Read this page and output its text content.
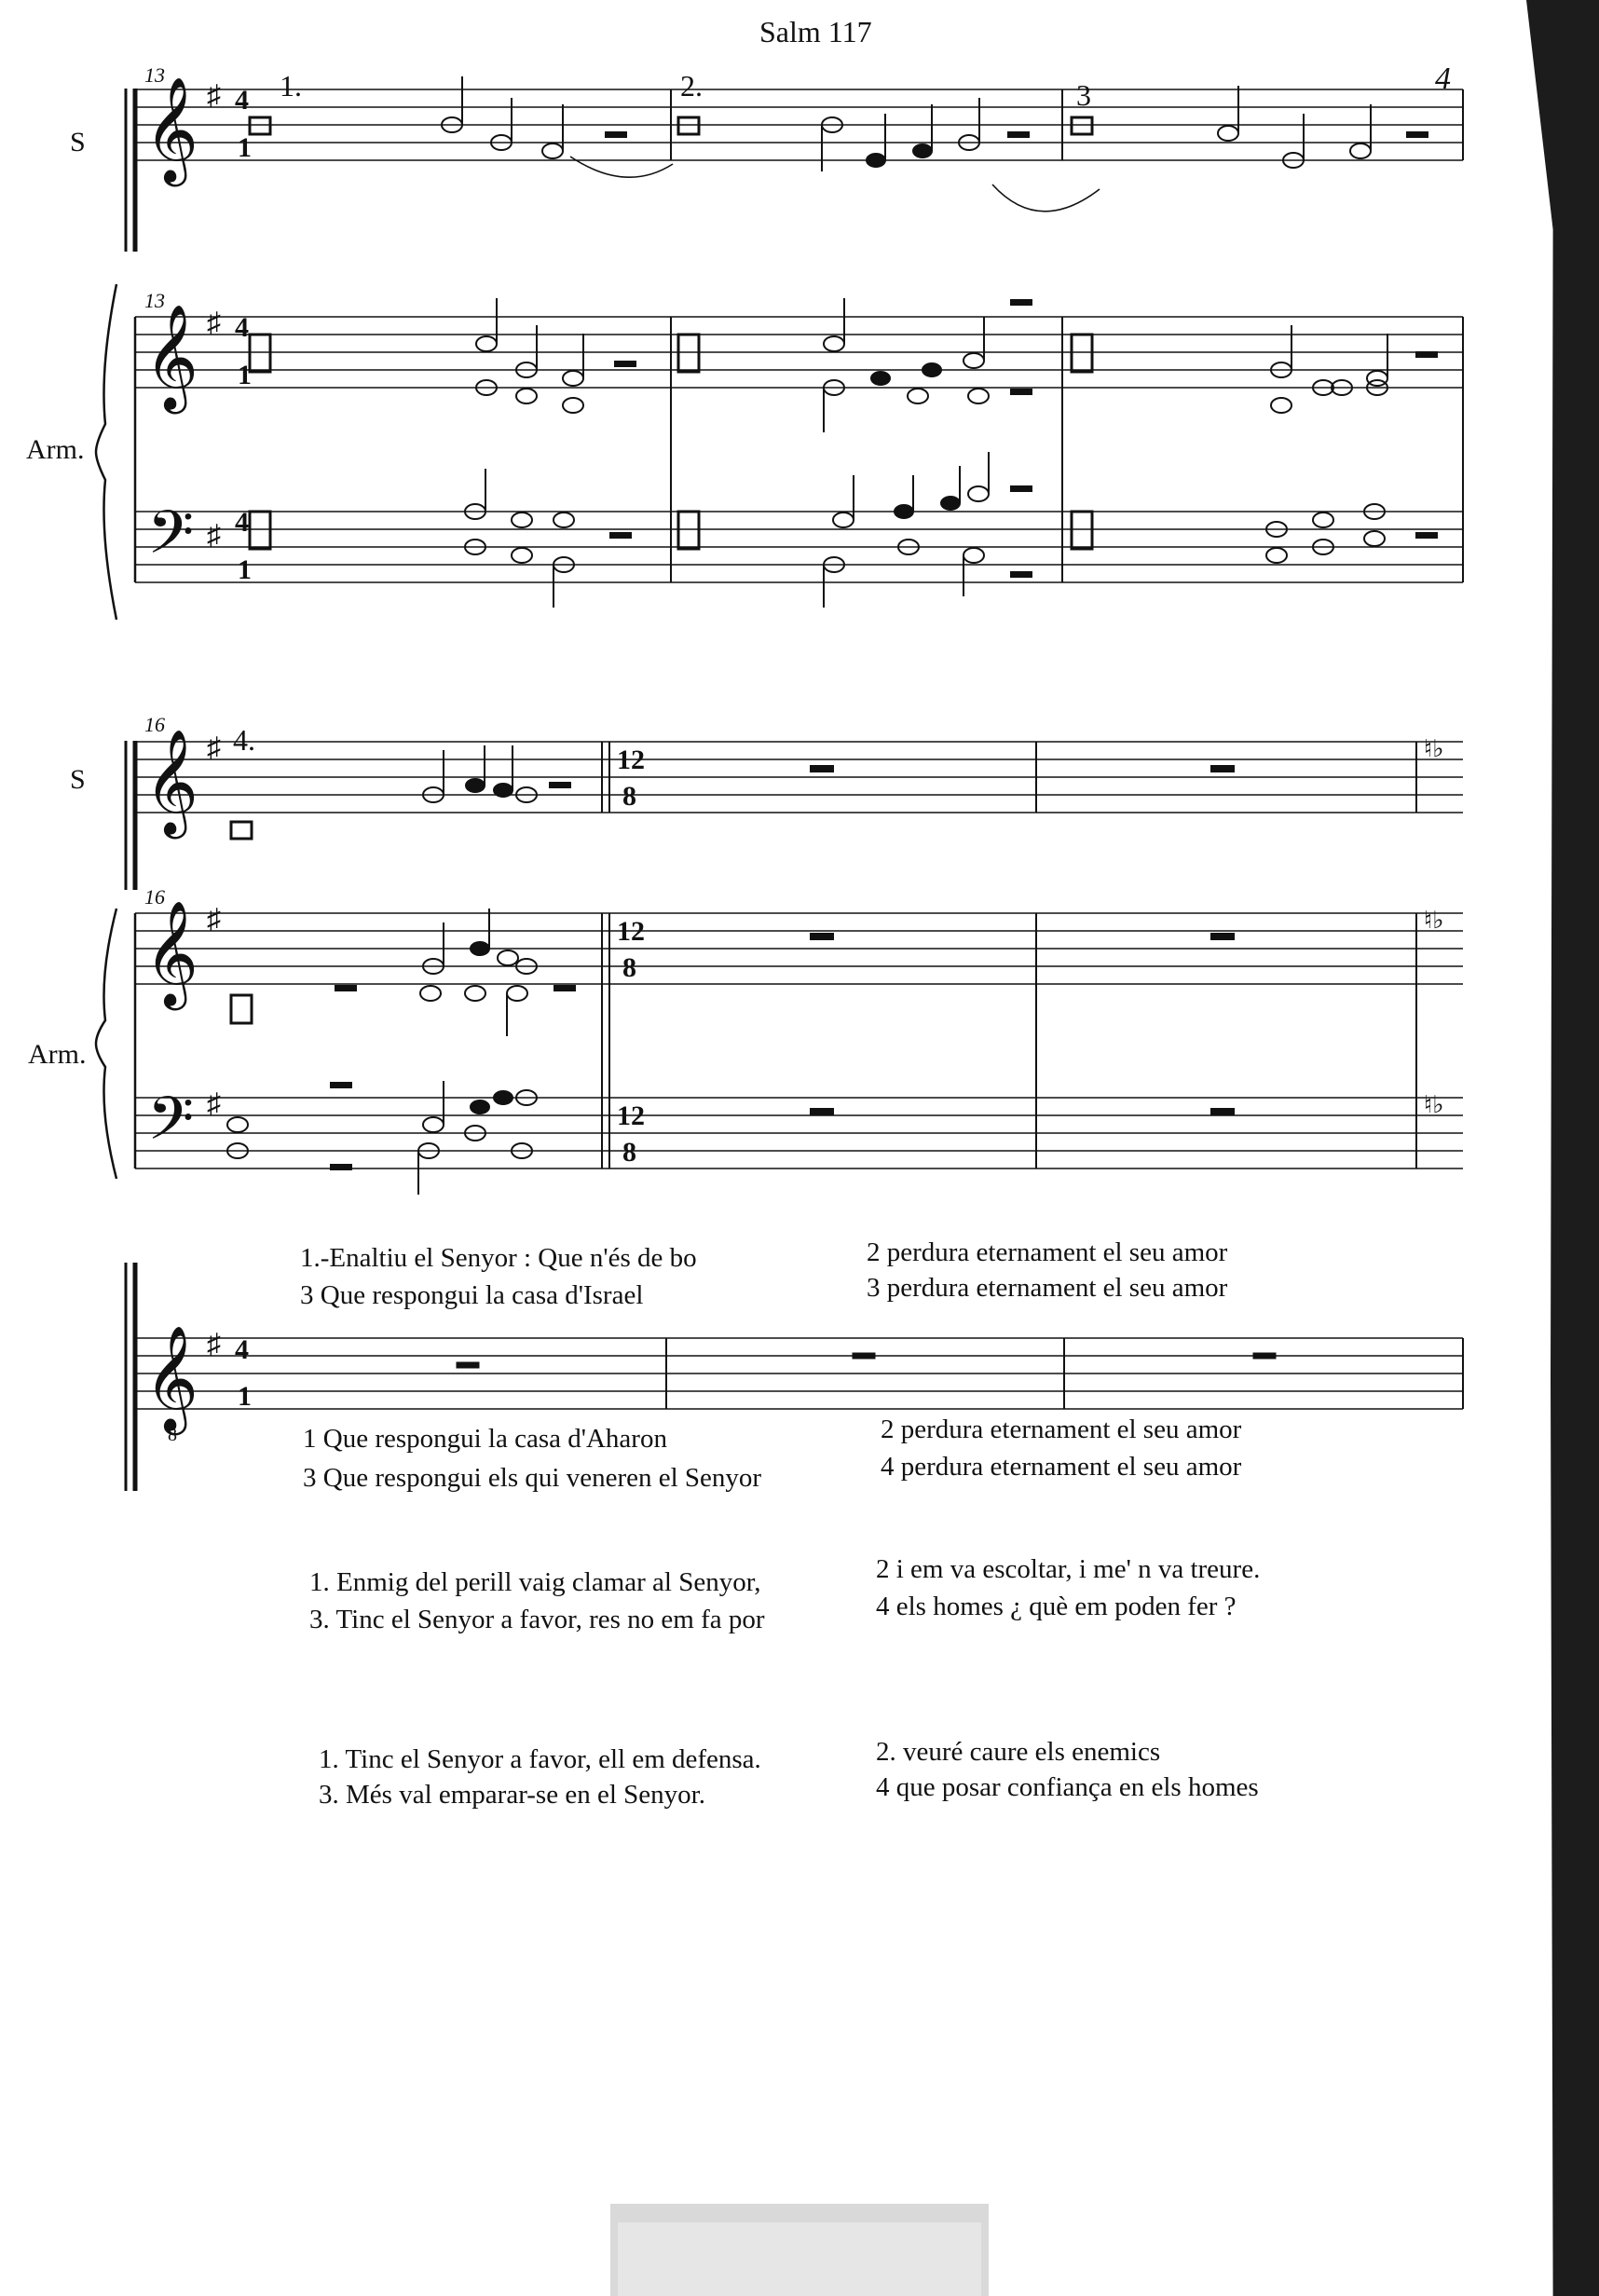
Salm 117
4
S
Arm.
S
Arm.
𝄞
𝄞
𝄢
♯
♯
♯
𝄞
𝄞
𝄢
♯
♯
♯
♮♭
♮♭
♮♭
𝄞 ♯
13
13
1.	2.	3
4
1
4
1
4
1
16
16
4.
12
8
12
8
12
8
4
1
8
1.-Enaltiu el Senyor : Que n'és de bo
3 Que respongui la casa d'Israel
2 perdura eternament el seu amor
3 perdura eternament el seu amor
1 Que respongui la casa d'Aharon
3 Que respongui els qui veneren el Senyor
2 perdura eternament el seu amor
4 perdura eternament el seu amor
1. Enmig del perill vaig clamar al Senyor,
3. Tinc el Senyor a favor, res no em fa por
2 i em va escoltar, i me' n va treure.
4 els homes ¿ què em poden fer ?
1. Tinc el Senyor a favor, ell em defensa.
3. Més val emparar-se en el Senyor.
2. veuré caure els enemics
4 que posar confiança en els homes
